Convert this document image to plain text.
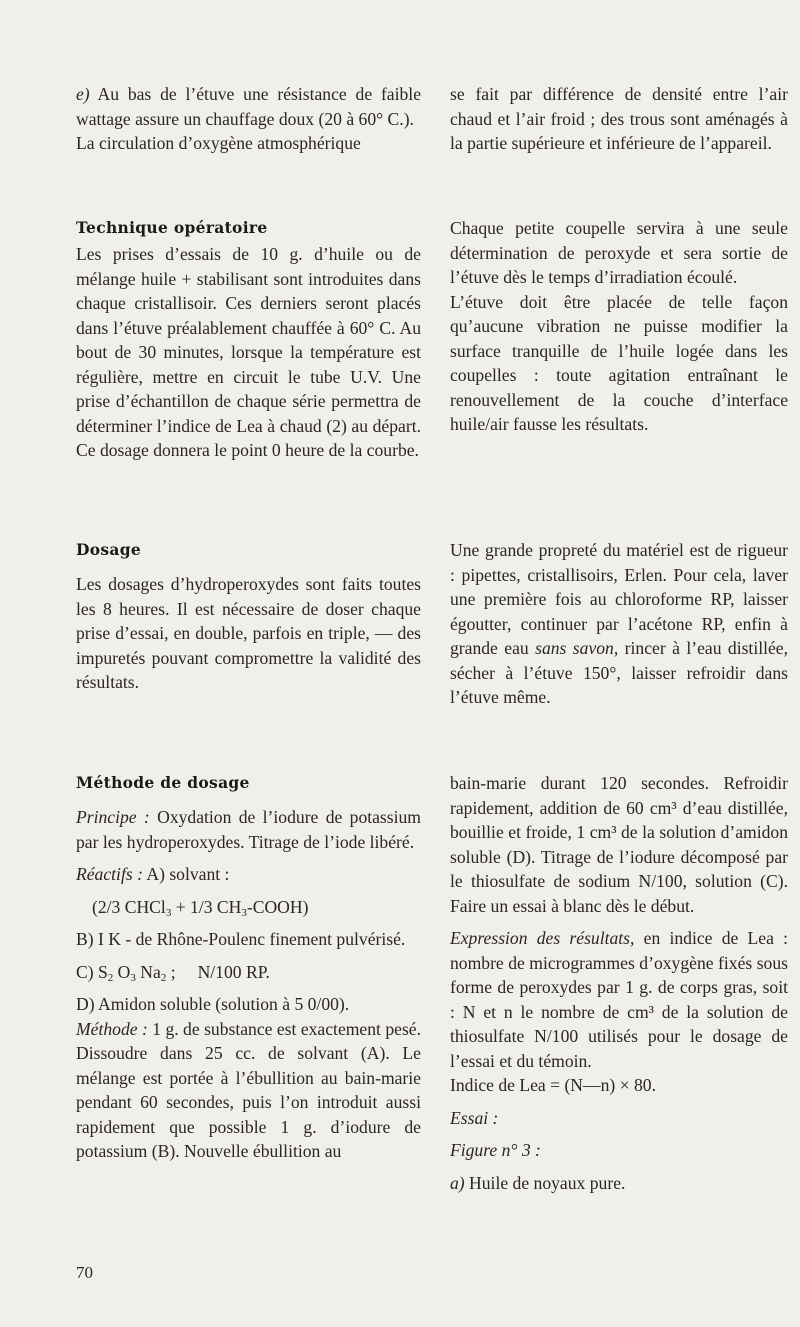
e) Au bas de l’étuve une résistance de faible wattage assure un chauffage doux (20 à 60° C.).

La circulation d’oxygène atmosphérique

se fait par différence de densité entre l’air chaud et l’air froid ; des trous sont aménagés à la partie supérieure et inférieure de l’appareil.

Technique opératoire

Les prises d’essais de 10 g. d’huile ou de mélange huile + stabilisant sont introduites dans chaque cristallisoir. Ces derniers seront placés dans l’étuve préalablement chauffée à 60° C. Au bout de 30 minutes, lorsque la température est régulière, mettre en circuit le tube U.V. Une prise d’échantillon de chaque série permettra de déterminer l’indice de Lea à chaud (2) au départ. Ce dosage donnera le point 0 heure de la courbe.

Chaque petite coupelle servira à une seule détermination de peroxyde et sera sortie de l’étuve dès le temps d’irradiation écoulé.

L’étuve doit être placée de telle façon qu’aucune vibration ne puisse modifier la surface tranquille de l’huile logée dans les coupelles : toute agitation entraînant le renouvellement de la couche d’interface huile/air fausse les résultats.

Dosage

Les dosages d’hydroperoxydes sont faits toutes les 8 heures. Il est nécessaire de doser chaque prise d’essai, en double, parfois en triple, — des impuretés pouvant compromettre la validité des résultats.

Une grande propreté du matériel est de rigueur : pipettes, cristallisoirs, Erlen. Pour cela, laver une première fois au chloroforme RP, laisser égoutter, continuer par l’acétone RP, enfin à grande eau sans savon, rincer à l’eau distillée, sécher à l’étuve 150°, laisser refroidir dans l’étuve même.

Méthode de dosage

Principe : Oxydation de l’iodure de potassium par les hydroperoxydes. Titrage de l’iode libéré.

Réactifs : A) solvant :

(2/3 CHCl$_3$ + 1/3 $CH_3-COOH$)

B) I K - de Rhône-Poulenc finement pulvérisé.

C) $S_2$ $O_3$ $Na_2$ ;     N/100 RP.

D) Amidon soluble (solution à 5 0/00).

Méthode : 1 g. de substance est exactement pesé. Dissoudre dans 25 cc. de solvant (A). Le mélange est portée à l’ébullition au bain-marie pendant 60 secondes, puis l’on introduit aussi rapidement que possible 1 g. d’iodure de potassium (B). Nouvelle ébullition au

bain-marie durant 120 secondes. Refroidir rapidement, addition de 60 cm³ d’eau distillée, bouillie et froide, 1 cm³ de la solution d’amidon soluble (D). Titrage de l’iodure décomposé par le thiosulfate de sodium N/100, solution (C). Faire un essai à blanc dès le début.

Expression des résultats, en indice de Lea : nombre de microgrammes d’oxygène fixés sous forme de peroxydes par 1 g. de corps gras, soit : N et n le nombre de cm³ de la solution de thiosulfate N/100 utilisés pour le dosage de l’essai et du témoin.

Indice de Lea = (N—n) × 80.

Essai :

Figure n° 3 :

a) Huile de noyaux pure.

70
